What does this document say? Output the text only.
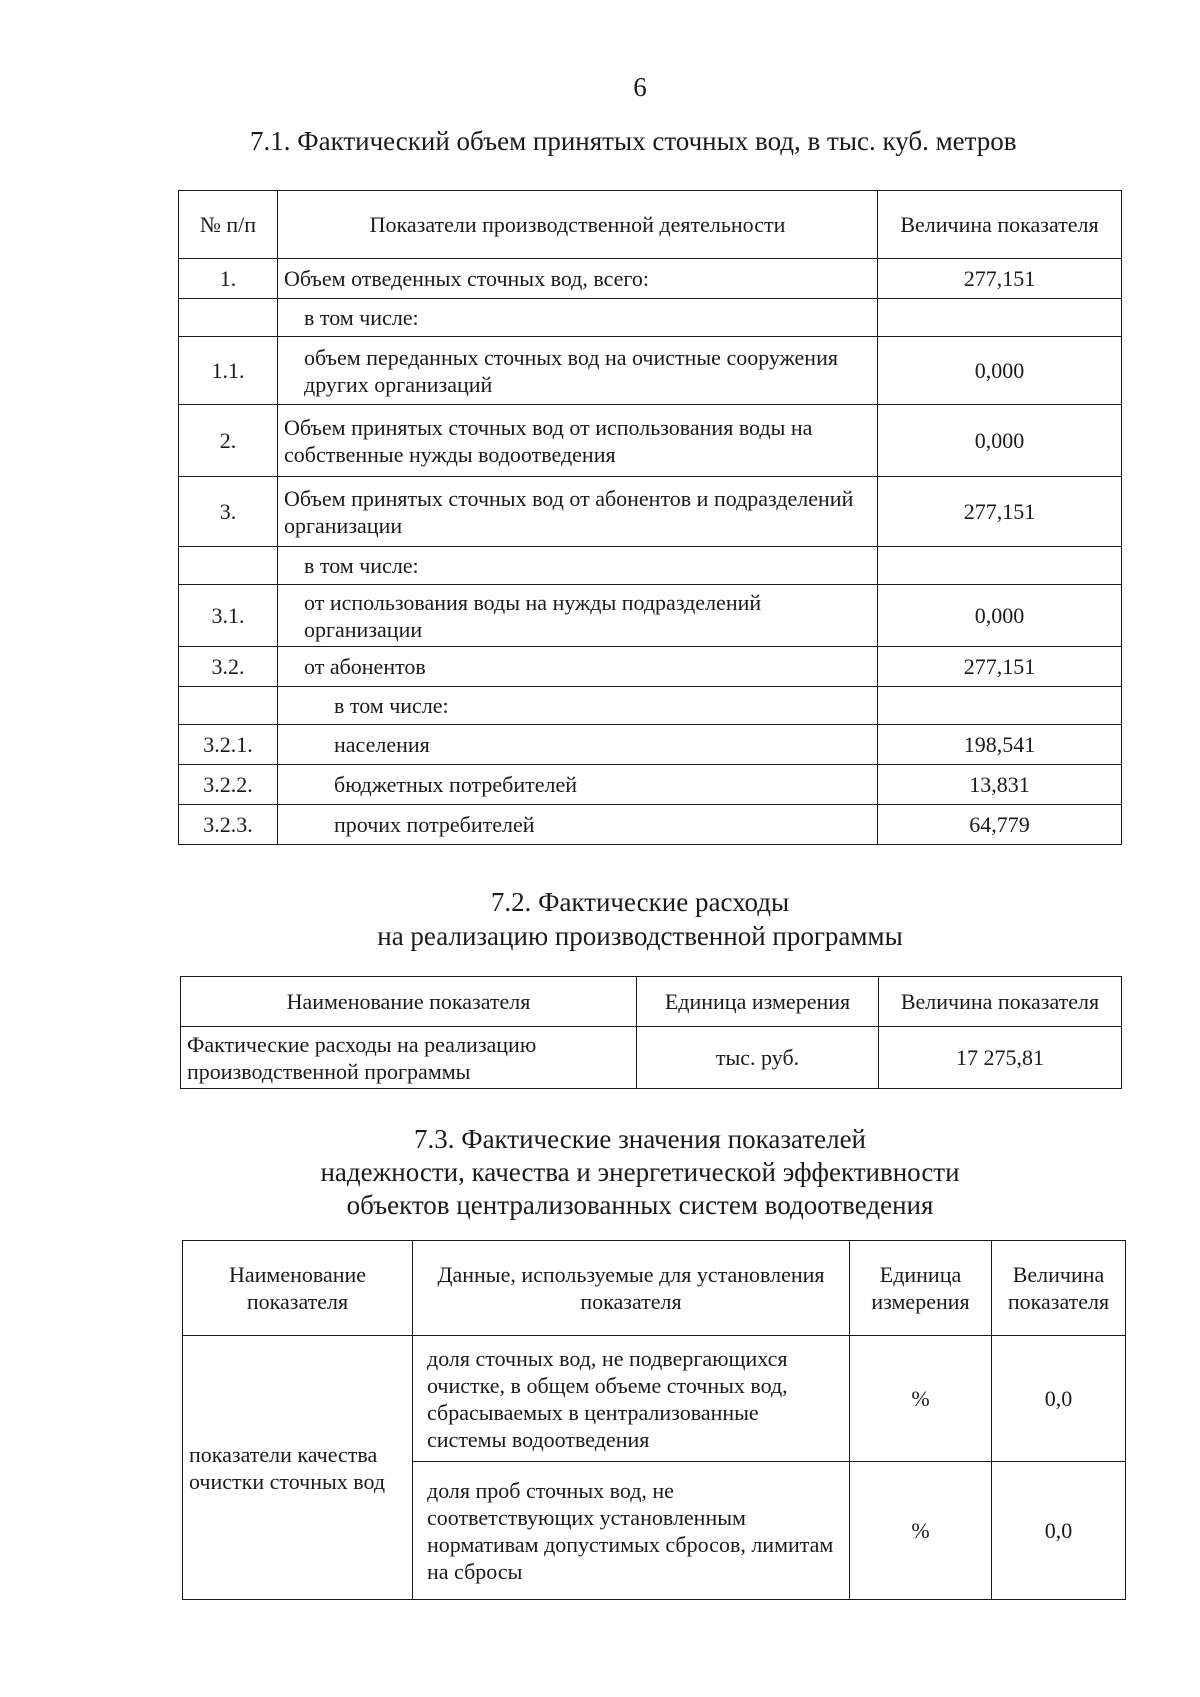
6
7.1. Фактический объем принятых сточных вод, в тыс. куб. метров
№ п/п	Показатели производственной деятельности	Величина показателя
1.	Объем отведенных сточных вод, всего:	277,151
	в том числе:	
1.1.	объем переданных сточных вод на очистные сооружения других организаций	0,000
2.	Объем принятых сточных вод от использования воды на собственные нужды водоотведения	0,000
3.	Объем принятых сточных вод от абонентов и подразделений организации	277,151
	в том числе:	
3.1.	от использования воды на нужды подразделений организации	0,000
3.2.	от абонентов	277,151
	в том числе:	
3.2.1.	населения	198,541
3.2.2.	бюджетных потребителей	13,831
3.2.3.	прочих потребителей	64,779
7.2. Фактические расходы
на реализацию производственной программы
Наименование показателя	Единица измерения	Величина показателя
Фактические расходы на реализацию производственной программы	тыс. руб.	17 275,81
7.3. Фактические значения показателей
надежности, качества и энергетической эффективности
объектов централизованных систем водоотведения
Наименование показателя	Данные, используемые для установления показателя	Единица измерения	Величина показателя
показатели качества очистки сточных вод	доля сточных вод, не подвергающихся очистке, в общем объеме сточных вод, сбрасываемых в централизованные системы водоотведения	%	0,0
	доля проб сточных вод, не соответствующих установленным нормативам допустимых сбросов, лимитам на сбросы	%	0,0
